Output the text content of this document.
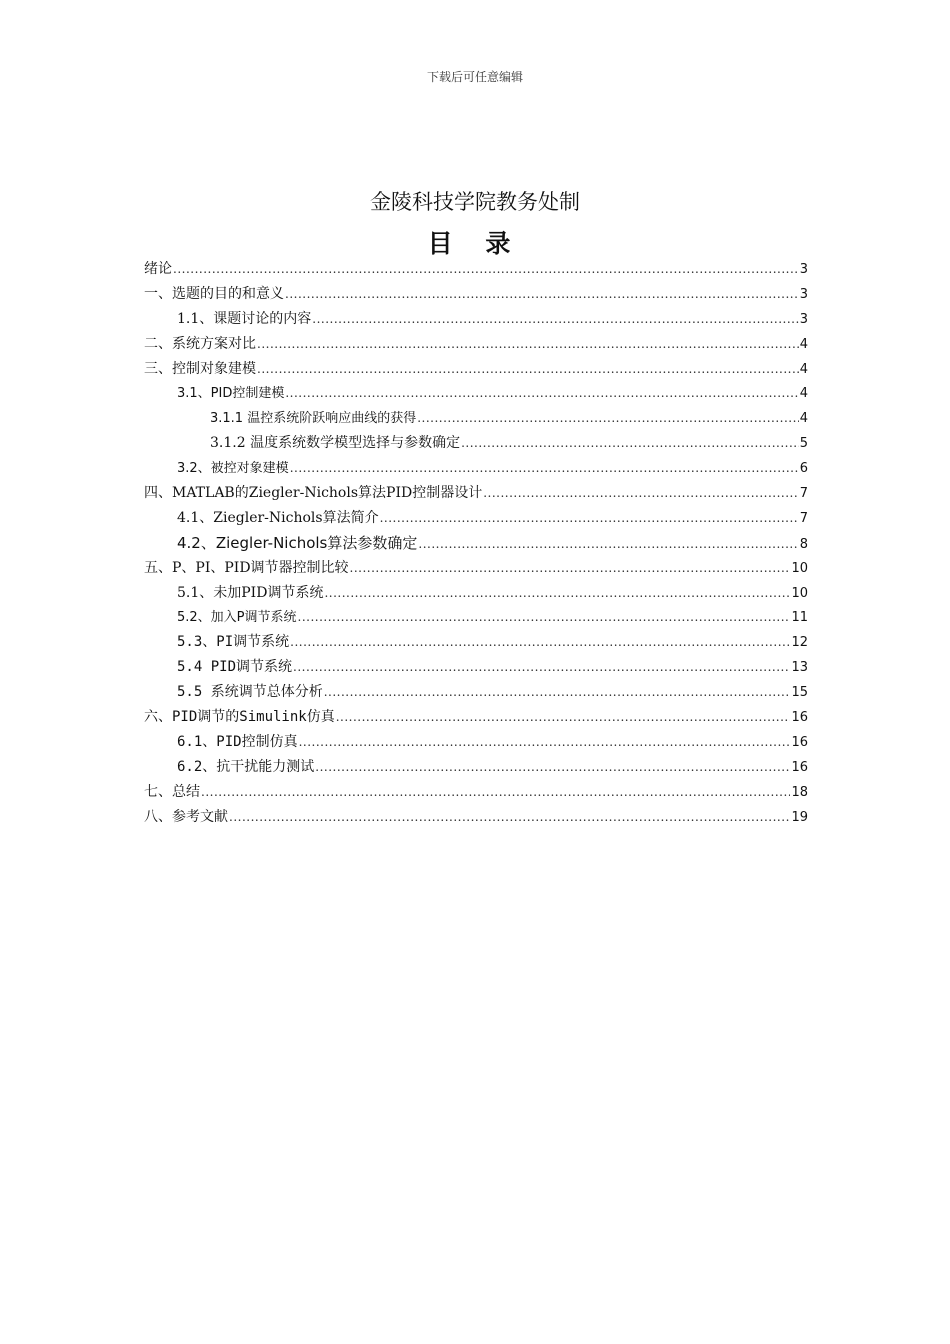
下载后可任意编辑
金陵科技学院教务处制
目 录
绪论 .....	3
一、选题的目的和意义 .....	3
1.1、课题讨论的内容 .....	3
二、系统方案对比 .....	4
三、控制对象建模 .....	4
3.1、PID控制建模 .....	4
3.1.1 温控系统阶跃响应曲线的获得 .....	4
3.1.2 温度系统数学模型选择与参数确定 .....	5
3.2、被控对象建模 .....	6
四、MATLAB的Ziegler-Nichols算法PID控制器设计 .....	7
4.1、Ziegler-Nichols算法简介 .....	7
4.2、Ziegler-Nichols算法参数确定 .....	8
五、P、PI、PID调节器控制比较 .....	10
5.1、未加PID调节系统 .....	10
5.2、加入P调节系统 .....	11
5.3、PI调节系统 .....	12
5.4 PID调节系统 .....	13
5.5 系统调节总体分析 .....	15
六、PID调节的Simulink仿真 .....	16
6.1、PID控制仿真 .....	16
6.2、抗干扰能力测试 .....	16
七、总结 .....	18
八、参考文献 .....	19
